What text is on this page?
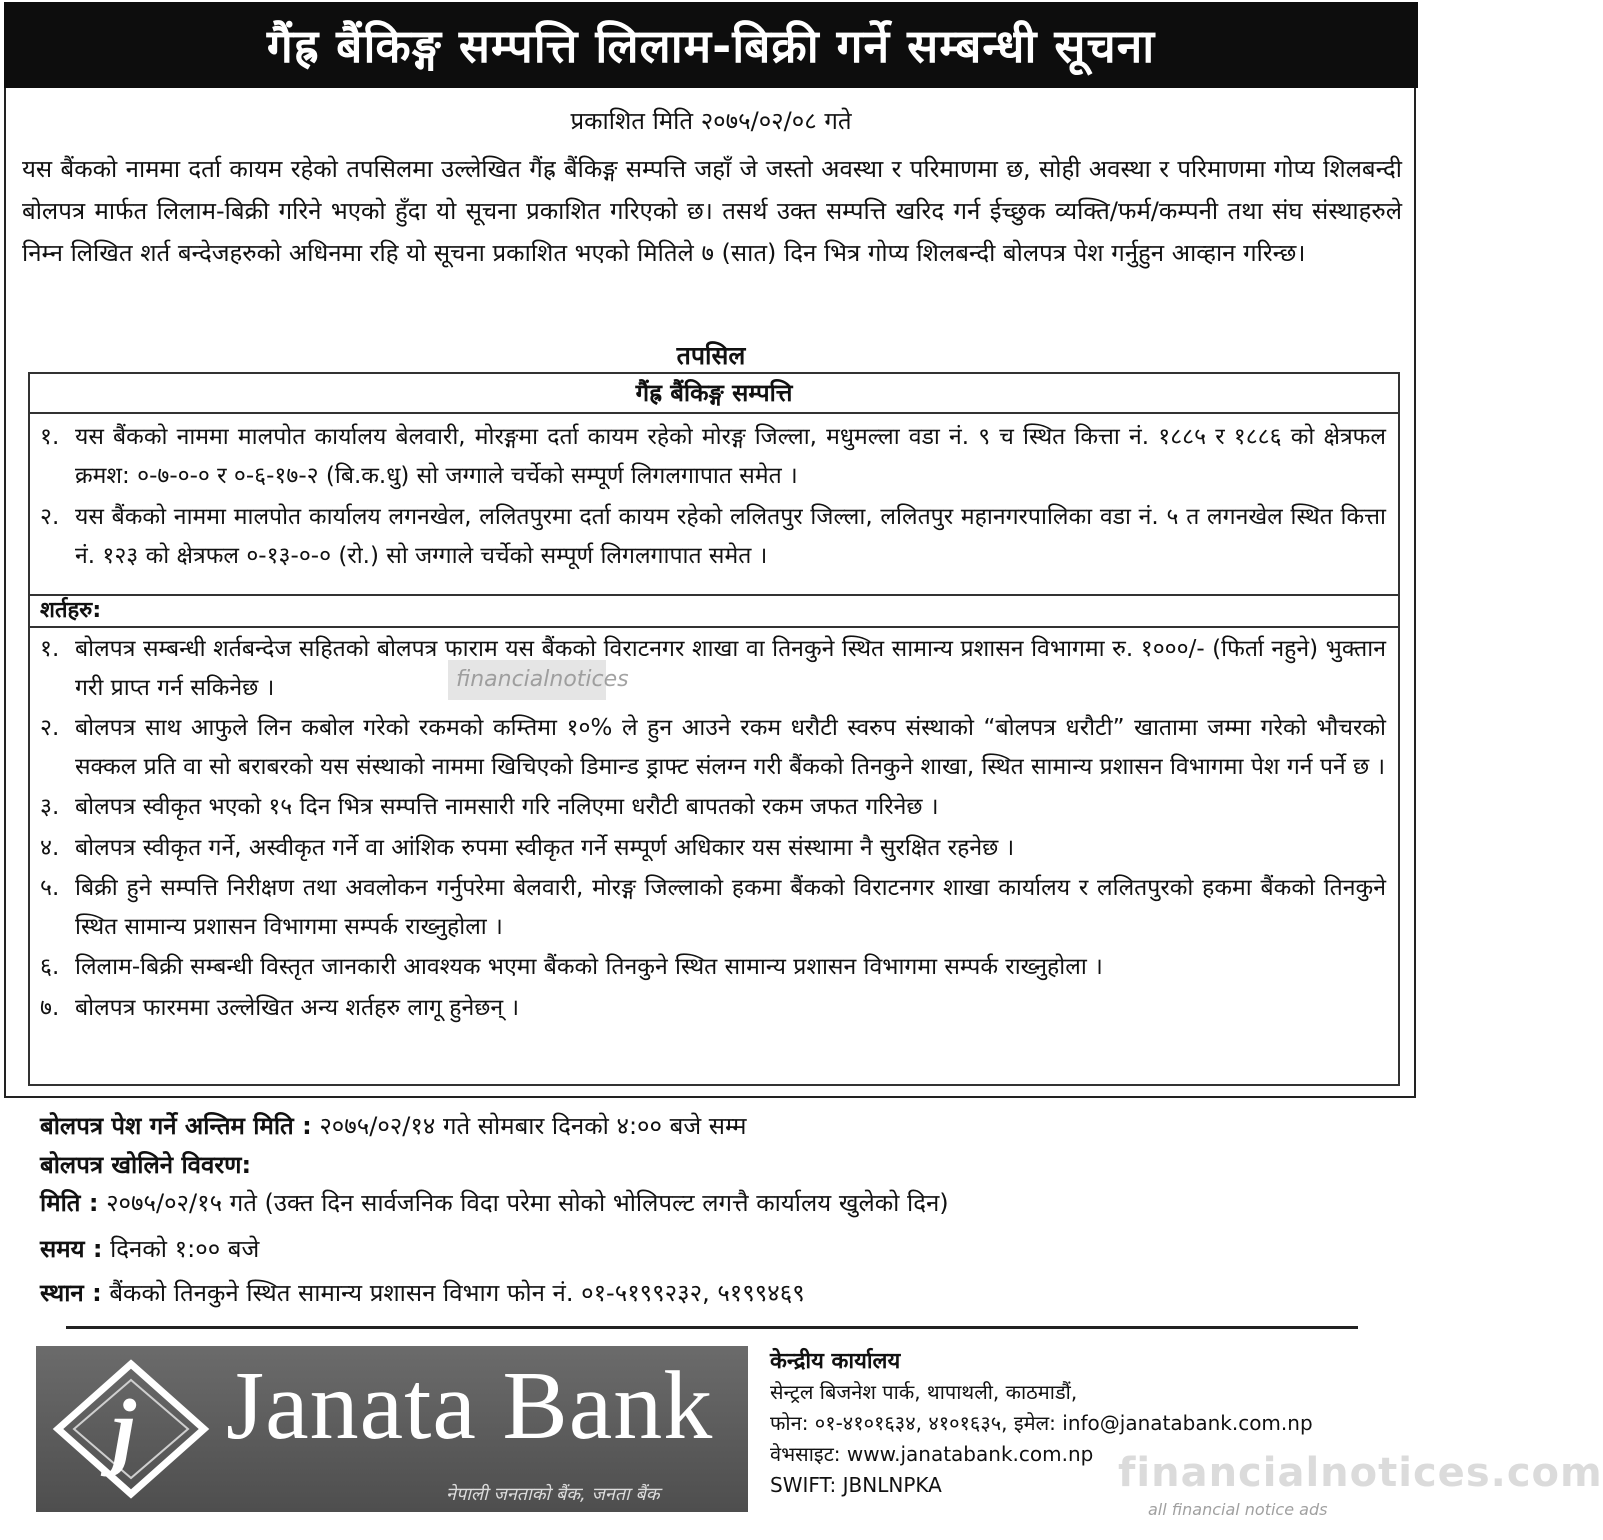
गैंह्र बैंकिङ्ग सम्पत्ति लिलाम-बिक्री गर्ने सम्बन्धी सूचना
प्रकाशित मिति २०७५/०२/०८ गते
यस बैंकको नाममा दर्ता कायम रहेको तपसिलमा उल्लेखित गैंह्र बैंकिङ्ग सम्पत्ति जहाँ जे जस्तो अवस्था र परिमाणमा छ, सोही अवस्था र परिमाणमा गोप्य शिलबन्दी बोलपत्र मार्फत लिलाम-बिक्री गरिने भएको हुँदा यो सूचना प्रकाशित गरिएको छ। तसर्थ उक्त सम्पत्ति खरिद गर्न ईच्छुक व्यक्ति/फर्म/कम्पनी तथा संघ संस्थाहरुले निम्न लिखित शर्त बन्देजहरुको अधिनमा रहि यो सूचना प्रकाशित भएको मितिले ७ (सात) दिन भित्र गोप्य शिलबन्दी बोलपत्र पेश गर्नुहुन आव्हान गरिन्छ।
तपसिल
गैंह्र बैंकिङ्ग सम्पत्ति
१. यस बैंकको नाममा मालपोत कार्यालय बेलवारी, मोरङ्गमा दर्ता कायम रहेको मोरङ्ग जिल्ला, मधुमल्ला वडा नं. ९ च स्थित कित्ता नं. १८८५ र १८८६ को क्षेत्रफल क्रमश: ०-७-०-० र ०-६-१७-२ (बि.क.धु) सो जग्गाले चर्चेको सम्पूर्ण लिगलगापात समेत ।
२. यस बैंकको नाममा मालपोत कार्यालय लगनखेल, ललितपुरमा दर्ता कायम रहेको ललितपुर जिल्ला, ललितपुर महानगरपालिका वडा नं. ५ त लगनखेल स्थित कित्ता नं. १२३ को क्षेत्रफल ०-१३-०-० (रो.) सो जग्गाले चर्चेको सम्पूर्ण लिगलगापात समेत ।
शर्तहरु:
१. बोलपत्र सम्बन्धी शर्तबन्देज सहितको बोलपत्र फाराम यस बैंकको विराटनगर शाखा वा तिनकुने स्थित सामान्य प्रशासन विभागमा रु. १०००/- (फिर्ता नहुने) भुक्तान गरी प्राप्त गर्न सकिनेछ ।
२. बोलपत्र साथ आफुले लिन कबोल गरेको रकमको कम्तिमा १०% ले हुन आउने रकम धरौटी स्वरुप संस्थाको “बोलपत्र धरौटी” खातामा जम्मा गरेको भौचरको सक्कल प्रति वा सो बराबरको यस संस्थाको नाममा खिचिएको डिमान्ड ड्राफ्ट संलग्न गरी बैंकको तिनकुने शाखा, स्थित सामान्य प्रशासन विभागमा पेश गर्न पर्ने छ ।
३. बोलपत्र स्वीकृत भएको १५ दिन भित्र सम्पत्ति नामसारी गरि नलिएमा धरौटी बापतको रकम जफत गरिनेछ ।
४. बोलपत्र स्वीकृत गर्ने, अस्वीकृत गर्ने वा आंशिक रुपमा स्वीकृत गर्ने सम्पूर्ण अधिकार यस संस्थामा नै सुरक्षित रहनेछ ।
५. बिक्री हुने सम्पत्ति निरीक्षण तथा अवलोकन गर्नुपरेमा बेलवारी, मोरङ्ग जिल्लाको हकमा बैंकको विराटनगर शाखा कार्यालय र ललितपुरको हकमा बैंकको तिनकुने स्थित सामान्य प्रशासन विभागमा सम्पर्क राख्नुहोला ।
६. लिलाम-बिक्री सम्बन्धी विस्तृत जानकारी आवश्यक भएमा बैंकको तिनकुने स्थित सामान्य प्रशासन विभागमा सम्पर्क राख्नुहोला ।
७. बोलपत्र फारममा उल्लेखित अन्य शर्तहरु लागू हुनेछन् ।
financialnotices
बोलपत्र पेश गर्ने अन्तिम मिति : २०७५/०२/१४ गते सोमबार दिनको ४:०० बजे सम्म
बोलपत्र खोलिने विवरण:
मिति : २०७५/०२/१५ गते (उक्त दिन सार्वजनिक विदा परेमा सोको भोलिपल्ट लगत्तै कार्यालय खुलेको दिन)
समय : दिनको १:०० बजे
स्थान : बैंकको तिनकुने स्थित सामान्य प्रशासन विभाग फोन नं. ०१-५१९९२३२, ५१९९४६९
j Janata Bank
नेपाली जनताको बैंक, जनता बैंक
केन्द्रीय कार्यालय
सेन्ट्रल बिजनेश पार्क, थापाथली, काठमाडौं,
फोन: ०१-४१०१६३४, ४१०१६३५, इमेल: info@janatabank.com.np
वेभसाइट: www.janatabank.com.np
SWIFT: JBNLNPKA	financialnotices.com
all financial notice ads
